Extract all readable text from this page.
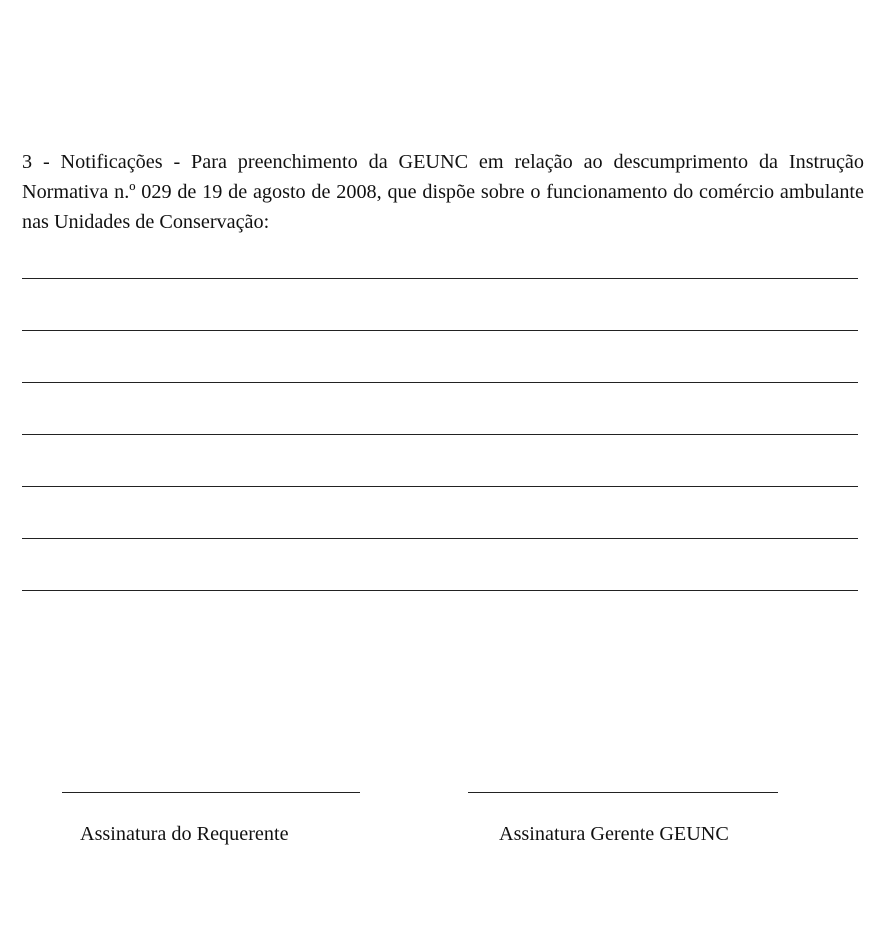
3 - Notificações - Para preenchimento da GEUNC em relação ao descumprimento da Instrução Normativa n.º 029 de 19 de agosto de 2008, que dispõe sobre o funcionamento do comércio ambulante nas Unidades de Conservação:

Assinatura do Requerente	Assinatura Gerente GEUNC
